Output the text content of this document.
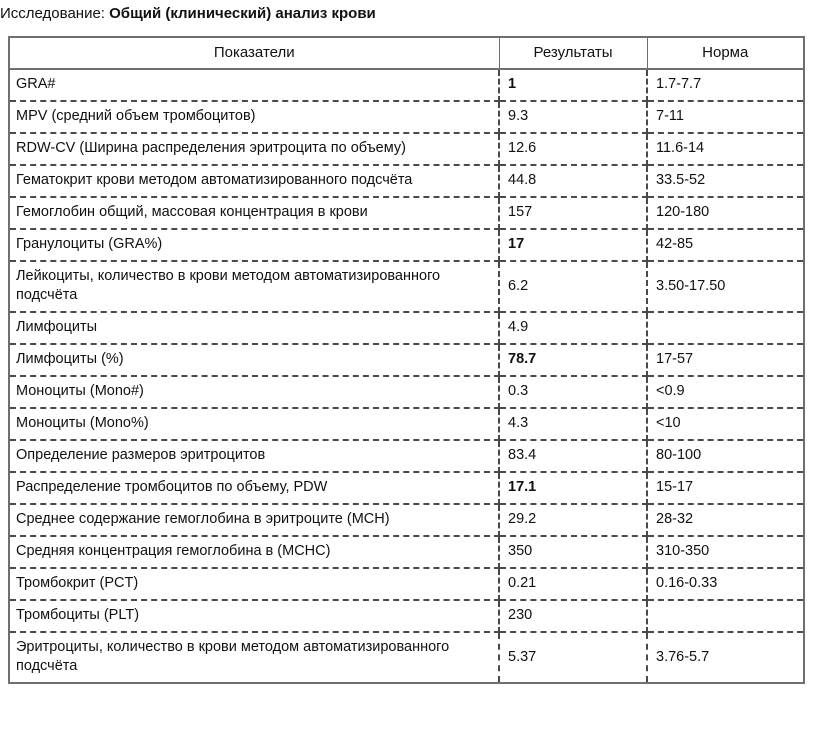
Исследование: Общий (клинический) анализ крови
Показатели	Результаты	Норма
GRA#	1	1.7-7.7
MPV (средний объем тромбоцитов)	9.3	7-11
RDW-CV (Ширина распределения эритроцита по объему)	12.6	11.6-14
Гематокрит крови методом автоматизированного подсчёта	44.8	33.5-52
Гемоглобин общий, массовая концентрация в крови	157	120-180
Гранулоциты (GRA%)	17	42-85
Лейкоциты, количество в крови методом автоматизированного подсчёта	6.2	3.50-17.50
Лимфоциты	4.9	
Лимфоциты (%)	78.7	17-57
Моноциты (Mono#)	0.3	<0.9
Моноциты (Mono%)	4.3	<10
Определение размеров эритроцитов	83.4	80-100
Распределение тромбоцитов по объему, PDW	17.1	15-17
Среднее содержание гемоглобина в эритроците (MCH)	29.2	28-32
Средняя концентрация гемоглобина в (MCHC)	350	310-350
Тромбокрит (PCT)	0.21	0.16-0.33
Тромбоциты (PLT)	230	
Эритроциты, количество в крови методом автоматизированного подсчёта	5.37	3.76-5.7
